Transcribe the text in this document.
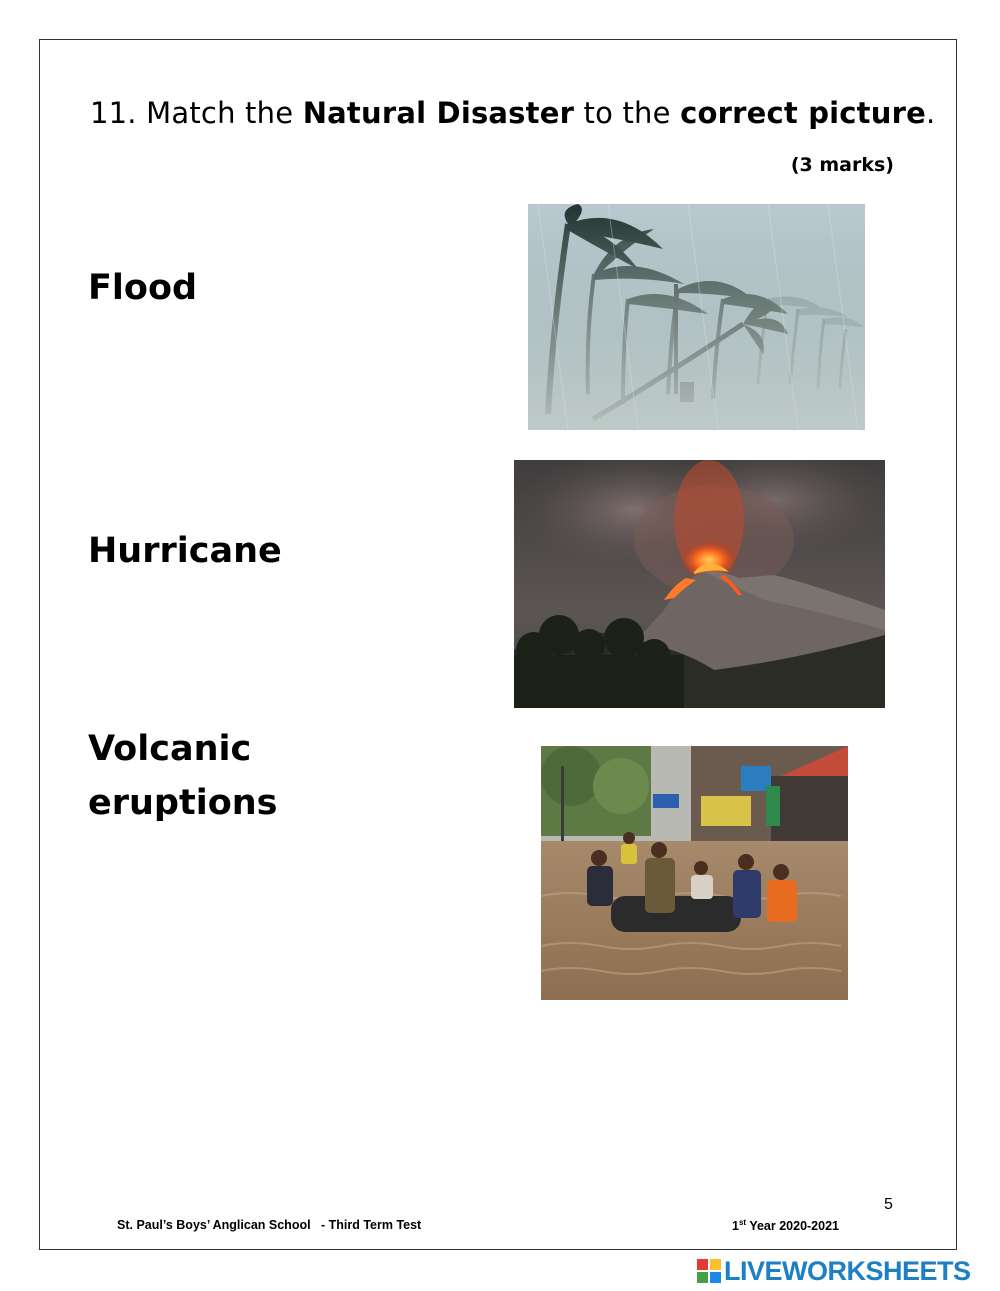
11. Match the Natural Disaster to the correct picture.
(3 marks)
Flood
Hurricane
Volcanic eruptions
5
St. Paul’s Boys’ Anglican School   - Third Term Test	1st Year 2020-2021
LIVEWORKSHEETS
